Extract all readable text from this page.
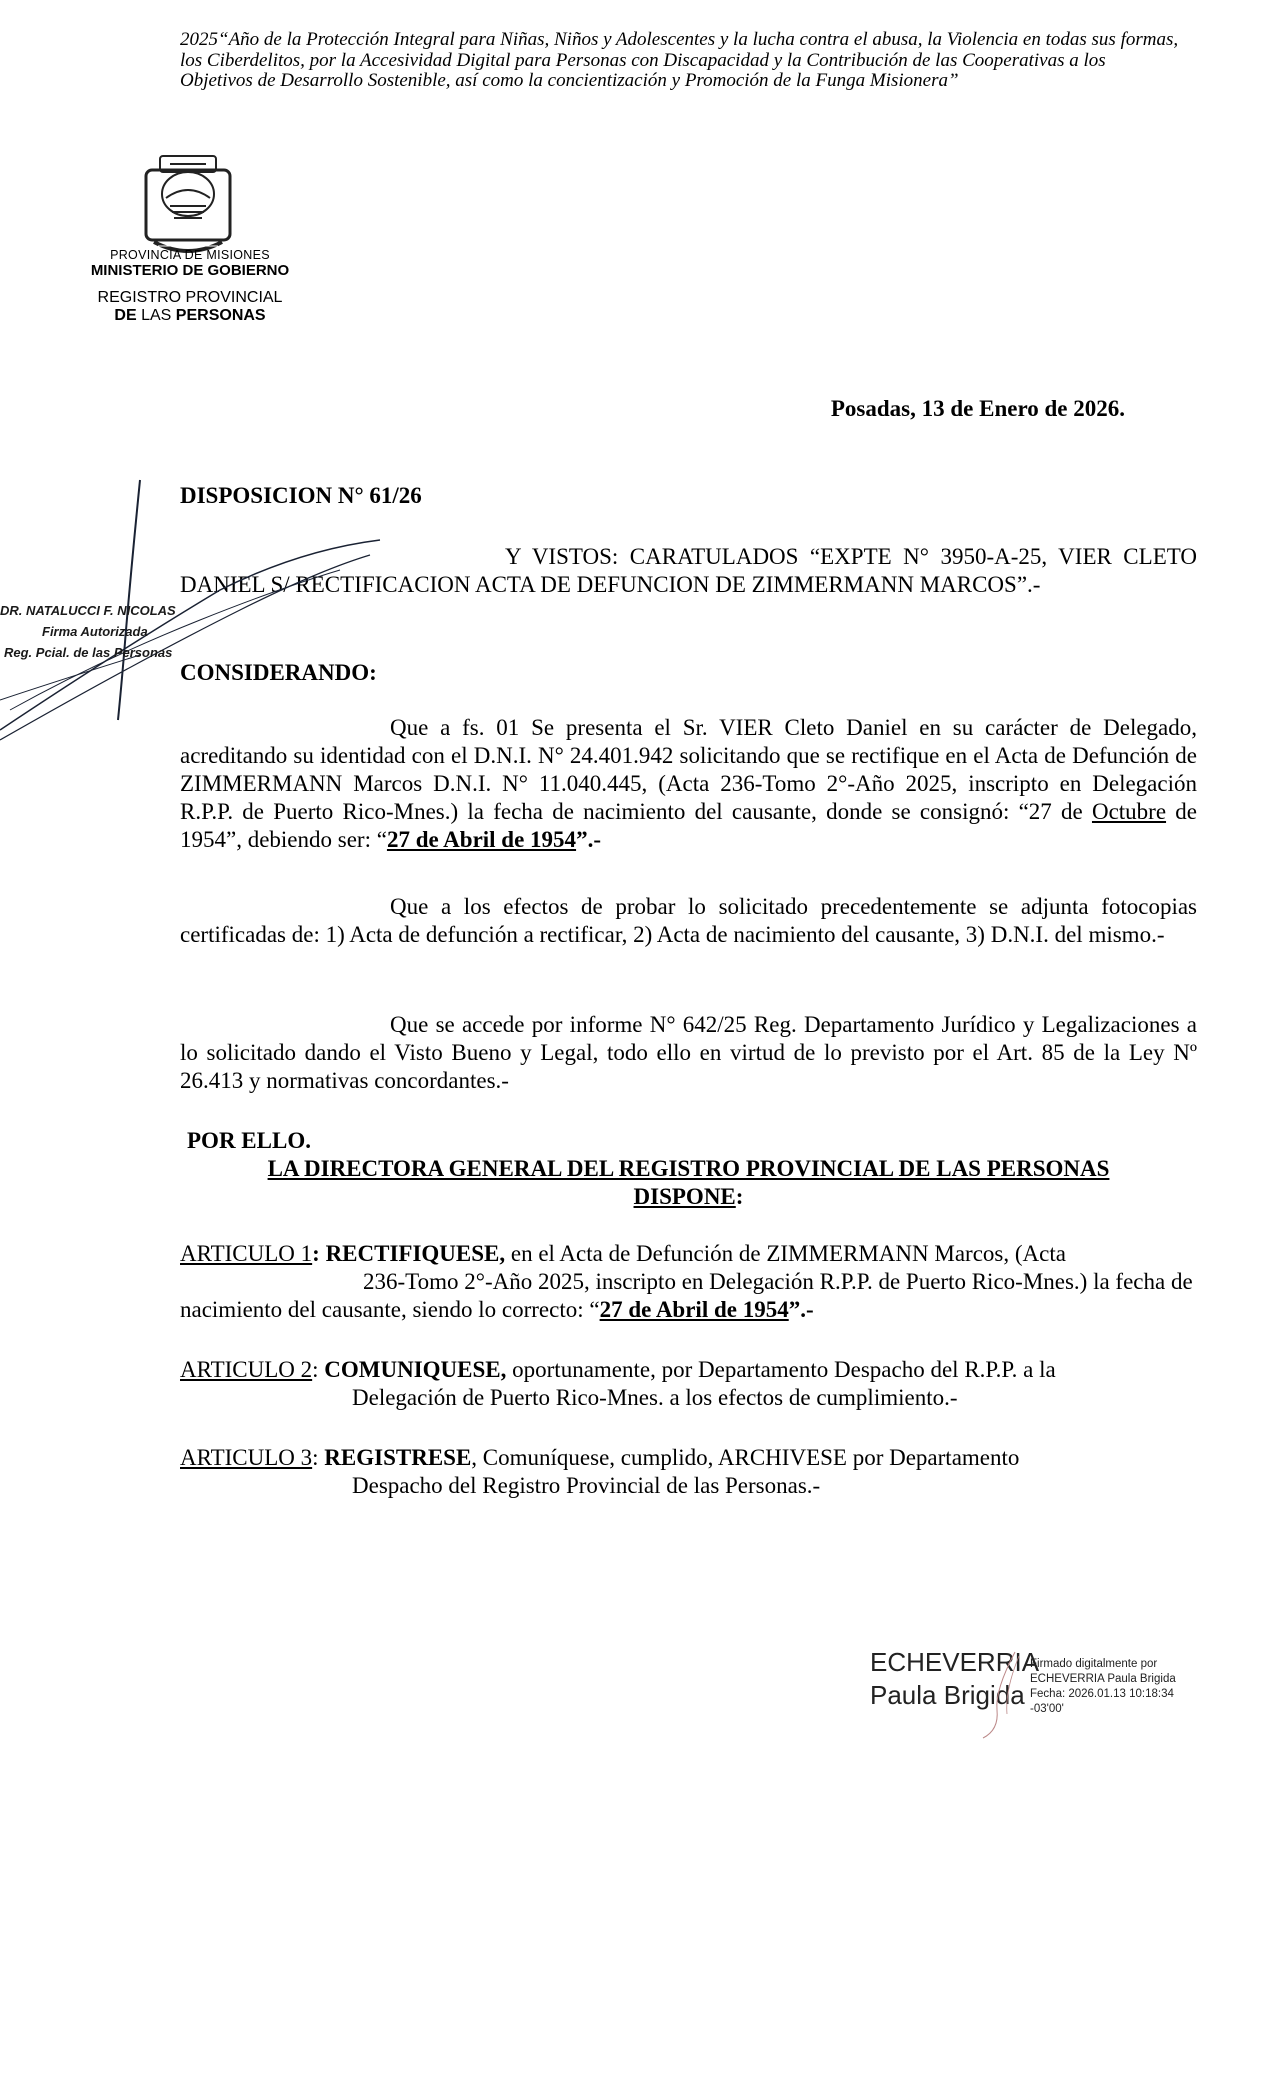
2025“Año de la Protección Integral para Niñas, Niños y Adolescentes y la lucha contra el abusa, la Violencia en todas sus formas, los Ciberdelitos, por la Accesividad Digital para Personas con Discapacidad y la Contribución de las Cooperativas a los Objetivos de Desarrollo Sostenible, así como la concientización y Promoción de la Funga Misionera”
PROVINCIA DE MISIONES
MINISTERIO DE GOBIERNO
REGISTRO PROVINCIAL
DE LAS PERSONAS
Posadas, 13 de Enero de 2026.
DISPOSICION N° 61/26
Y VISTOS: CARATULADOS “EXPTE N° 3950-A-25, VIER CLETO DANIEL S/ RECTIFICACION ACTA DE DEFUNCION DE ZIMMERMANN MARCOS”.-
DR. NATALUCCI F. NICOLAS
Firma Autorizada
Reg. Pcial. de las Personas
CONSIDERANDO:
Que a fs. 01 Se presenta el Sr. VIER Cleto Daniel en su carácter de Delegado, acreditando su identidad con el D.N.I. N° 24.401.942 solicitando que se rectifique en el Acta de Defunción de ZIMMERMANN Marcos D.N.I. N° 11.040.445, (Acta 236-Tomo 2°-Año 2025, inscripto en Delegación R.P.P. de Puerto Rico-Mnes.) la fecha de nacimiento del causante, donde se consignó: “27 de Octubre de 1954”, debiendo ser: “27 de Abril de 1954”.-
Que a los efectos de probar lo solicitado precedentemente se adjunta fotocopias certificadas de: 1) Acta de defunción a rectificar, 2) Acta de nacimiento del causante, 3) D.N.I. del mismo.-
Que se accede por informe N° 642/25 Reg. Departamento Jurídico y Legalizaciones a lo solicitado dando el Visto Bueno y Legal, todo ello en virtud de lo previsto por el Art. 85 de la Ley Nº 26.413 y normativas concordantes.-
POR ELLO.
LA DIRECTORA GENERAL DEL REGISTRO PROVINCIAL DE LAS PERSONAS
DISPONE:
ARTICULO 1: RECTIFIQUESE, en el Acta de Defunción de ZIMMERMANN Marcos, (Acta
236-Tomo 2°-Año 2025, inscripto en Delegación R.P.P. de Puerto Rico-Mnes.) la fecha de nacimiento del causante, siendo lo correcto: “27 de Abril de 1954”.-
ARTICULO 2: COMUNIQUESE, oportunamente, por Departamento Despacho del R.P.P. a la
Delegación de Puerto Rico-Mnes. a los efectos de cumplimiento.-
ARTICULO 3: REGISTRESE, Comuníquese, cumplido, ARCHIVESE por Departamento
Despacho del Registro Provincial de las Personas.-
ECHEVERRIA
Paula Brigida
Firmado digitalmente por
ECHEVERRIA Paula Brigida
Fecha: 2026.01.13 10:18:34
-03'00'
